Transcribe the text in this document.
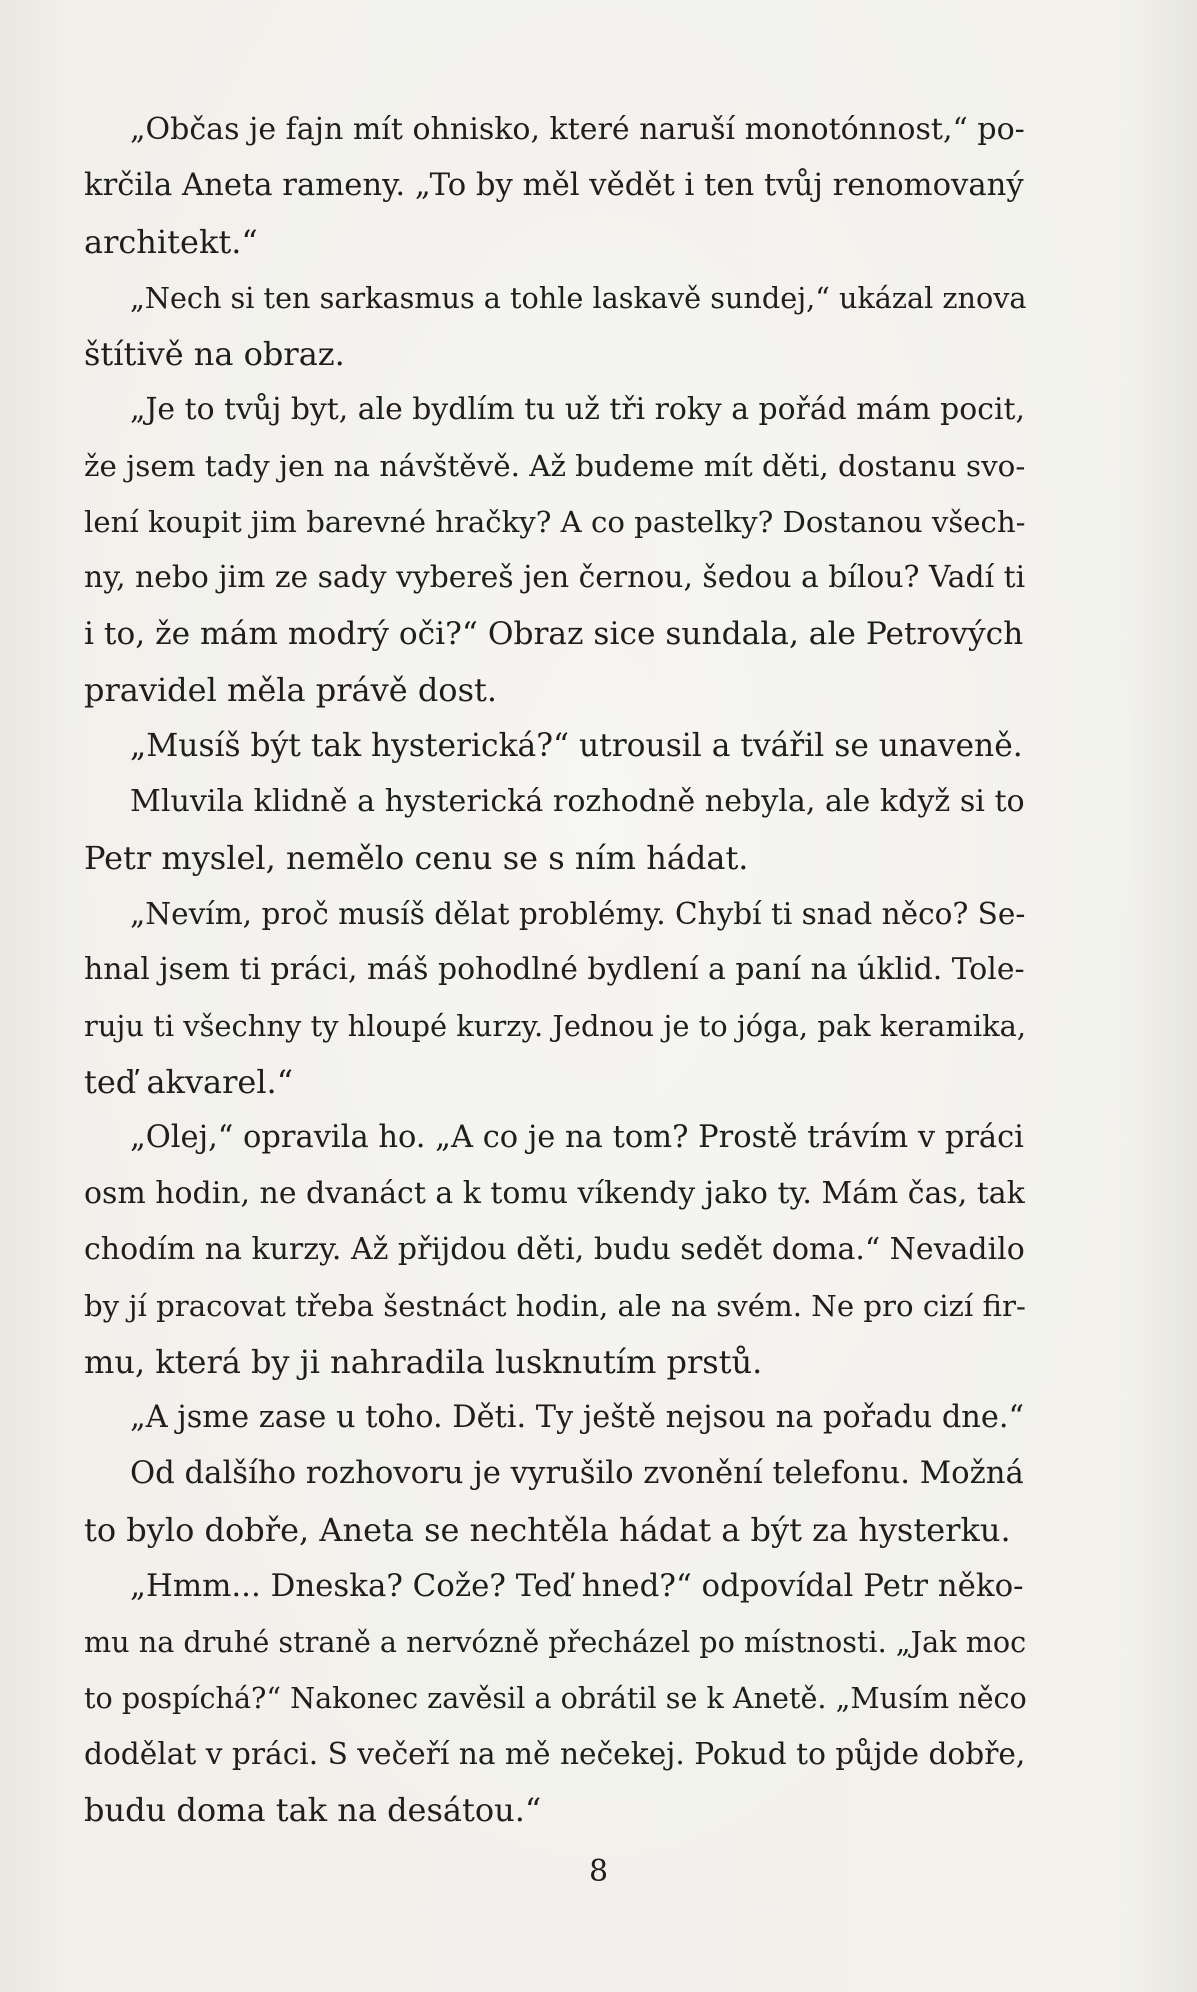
„Občas je fajn mít ohnisko, které naruší monotónnost,“ po-
krčila Aneta rameny. „To by měl vědět i ten tvůj renomovaný
architekt.“

„Nech si ten sarkasmus a tohle laskavě sundej,“ ukázal znova
štítivě na obraz.

„Je to tvůj byt, ale bydlím tu už tři roky a pořád mám pocit,
že jsem tady jen na návštěvě. Až budeme mít děti, dostanu svo-
lení koupit jim barevné hračky? A co pastelky? Dostanou všech-
ny, nebo jim ze sady vybereš jen černou, šedou a bílou? Vadí ti
i to, že mám modrý oči?“ Obraz sice sundala, ale Petrových
pravidel měla právě dost.

„Musíš být tak hysterická?“ utrousil a tvářil se unaveně.

Mluvila klidně a hysterická rozhodně nebyla, ale když si to
Petr myslel, nemělo cenu se s ním hádat.

„Nevím, proč musíš dělat problémy. Chybí ti snad něco? Se-
hnal jsem ti práci, máš pohodlné bydlení a paní na úklid. Tole-
ruju ti všechny ty hloupé kurzy. Jednou je to jóga, pak keramika,
teď akvarel.“

„Olej,“ opravila ho. „A co je na tom? Prostě trávím v práci
osm hodin, ne dvanáct a k tomu víkendy jako ty. Mám čas, tak
chodím na kurzy. Až přijdou děti, budu sedět doma.“ Nevadilo
by jí pracovat třeba šestnáct hodin, ale na svém. Ne pro cizí fir-
mu, která by ji nahradila lusknutím prstů.

„A jsme zase u toho. Děti. Ty ještě nejsou na pořadu dne.“

Od dalšího rozhovoru je vyrušilo zvonění telefonu. Možná
to bylo dobře, Aneta se nechtěla hádat a být za hysterku.

„Hmm... Dneska? Cože? Teď hned?“ odpovídal Petr něko-
mu na druhé straně a nervózně přecházel po místnosti. „Jak moc
to pospíchá?“ Nakonec zavěsil a obrátil se k Anetě. „Musím něco
dodělat v práci. S večeří na mě nečekej. Pokud to půjde dobře,
budu doma tak na desátou.“

8
